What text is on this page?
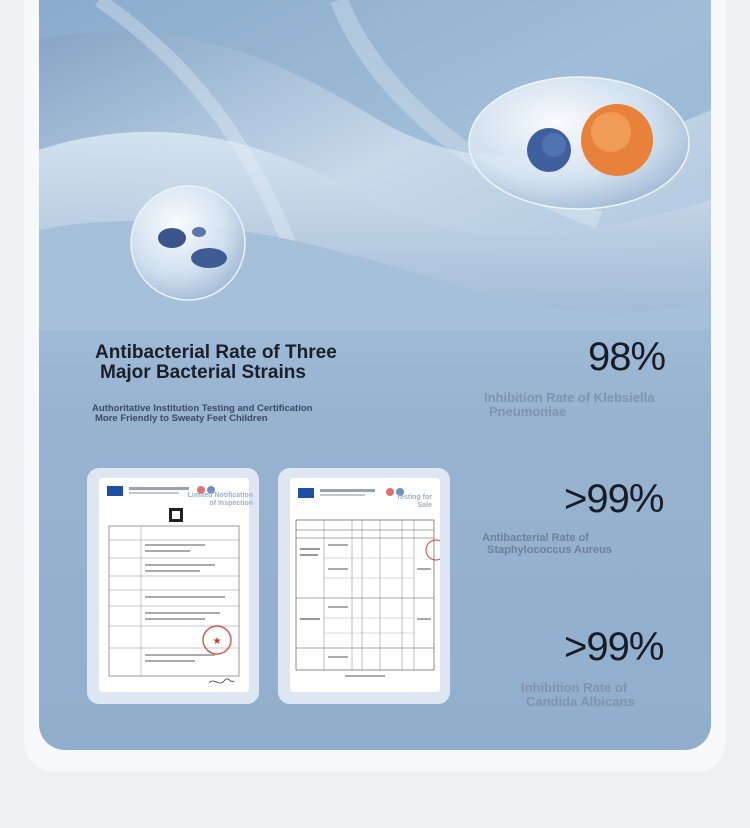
Antibacterial Rate of Three
Major Bacterial Strains
Authoritative Institution Testing and Certification
More Friendly to Sweaty Feet Children
98%
Inhibition Rate of Klebsiella
Pneumoniae
>99%
Antibacterial Rate of
Staphylococcus Aureus
>99%
Inhibition Rate of
Candida Albicans
★
TTS
Limited Notification
of Inspection
TTS
Testing for
Sale
